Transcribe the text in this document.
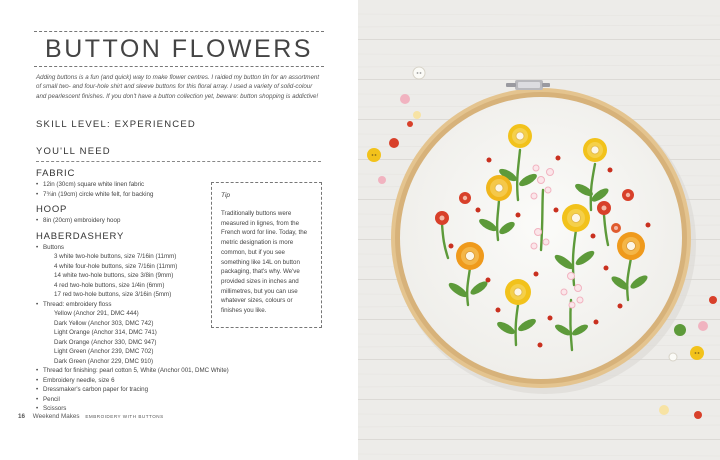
BUTTON FLOWERS

Adding buttons is a fun (and quick) way to make flower centres. I raided my button tin for an assortment of small two- and four-hole shirt and sleeve buttons for this floral array. I used a variety of solid-colour and pearlescent finishes. If you don't have a button collection yet, beware: button shopping is addictive!

SKILL LEVEL: EXPERIENCED
YOU'LL NEED
FABRIC
• 12in (30cm) square white linen fabric
• 7¾in (19cm) circle white felt, for backing
HOOP
• 8in (20cm) embroidery hoop
HABERDASHERY
• Buttons
3 white two-hole buttons, size 7/16in (11mm)
4 white four-hole buttons, size 7/16in (11mm)
14 white two-hole buttons, size 3/8in (9mm)
4 red two-hole buttons, size 1/4in (6mm)
17 red two-hole buttons, size 3/16in (5mm)
• Thread: embroidery floss
Yellow (Anchor 291, DMC 444)
Dark Yellow (Anchor 303, DMC 742)
Light Orange (Anchor 314, DMC 741)
Dark Orange (Anchor 330, DMC 947)
Light Green (Anchor 239, DMC 702)
Dark Green (Anchor 229, DMC 910)
• Thread for finishing: pearl cotton 5, White (Anchor 001, DMC White)
• Embroidery needle, size 6
• Dressmaker's carbon paper for tracing
• Pencil
• Scissors
Tip

Traditionally buttons were measured in lignes, from the French word for line. Today, the metric designation is more common, but if you see something like 14L on button packaging, that's why. We've provided sizes in inches and millimetres, but you can use whatever sizes, colours or finishes you like.

16 Weekend Makes EMBROIDERY WITH BUTTONS
